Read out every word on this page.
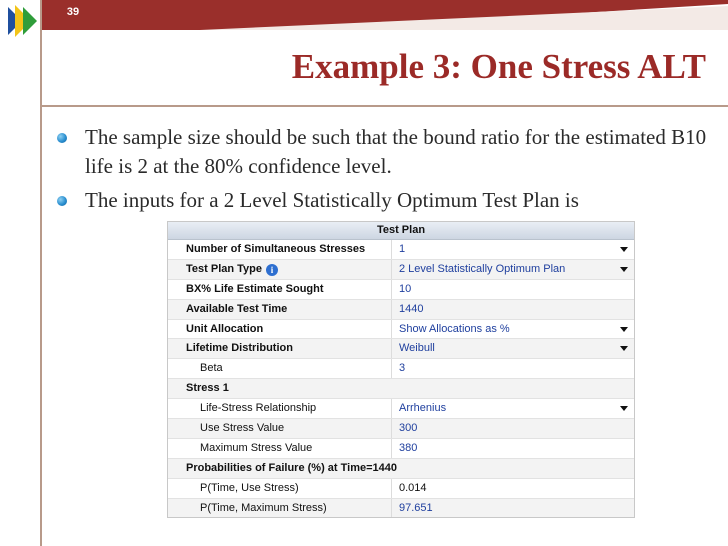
39
Example 3: One Stress ALT
The sample size should be such that the bound ratio for the estimated B10 life is 2 at the 80% confidence level.
The inputs for a 2 Level Statistically Optimum Test Plan is
Test Plan
Number of Simultaneous Stresses	1
Test Plan Type i	2 Level Statistically Optimum Plan
BX% Life Estimate Sought	10
Available Test Time	1440
Unit Allocation	Show Allocations as %
Lifetime Distribution	Weibull
Beta	3
Stress 1
Life-Stress Relationship	Arrhenius
Use Stress Value	300
Maximum Stress Value	380
Probabilities of Failure (%) at Time=1440
P(Time, Use Stress)	0.014
P(Time, Maximum Stress)	97.651
